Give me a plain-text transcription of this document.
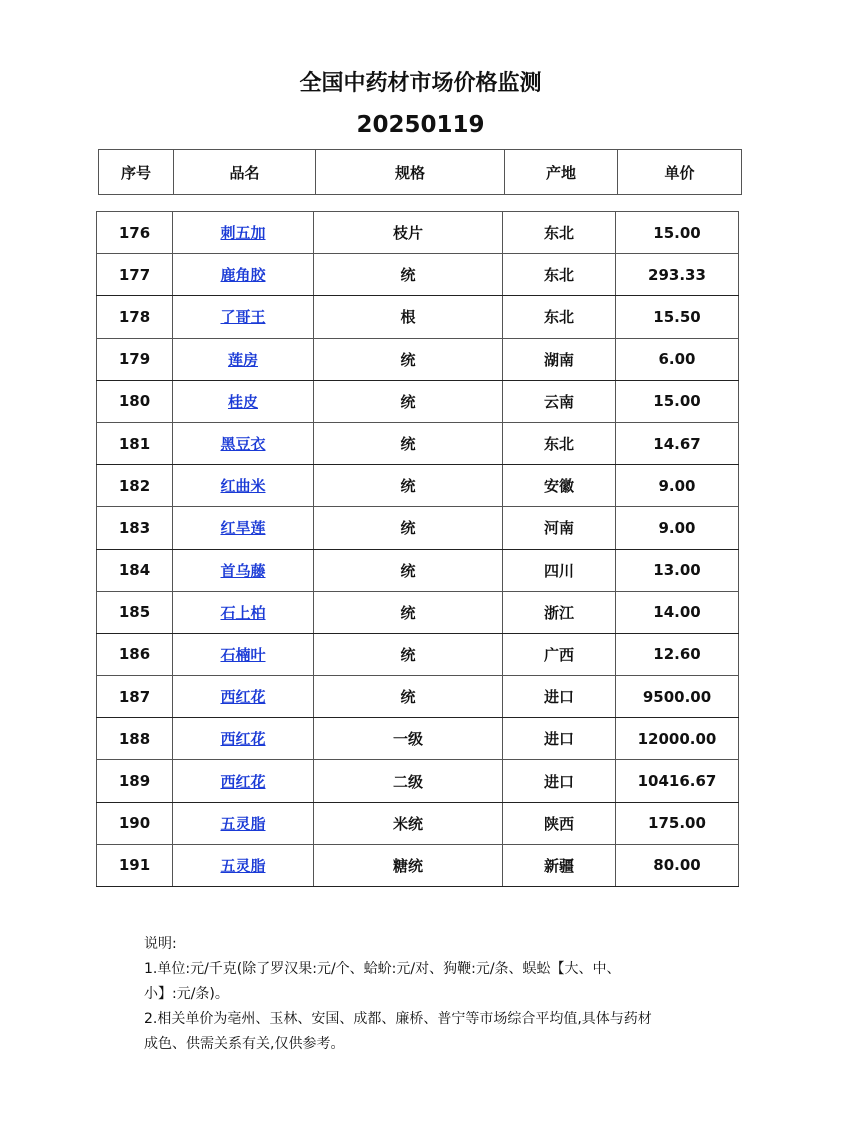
全国中药材市场价格监测
20250119
序号	品名	规格	产地	单价
176	刺五加	枝片	东北	15.00
177	鹿角胶	统	东北	293.33
178	了哥王	根	东北	15.50
179	莲房	统	湖南	6.00
180	桂皮	统	云南	15.00
181	黑豆衣	统	东北	14.67
182	红曲米	统	安徽	9.00
183	红旱莲	统	河南	9.00
184	首乌藤	统	四川	13.00
185	石上柏	统	浙江	14.00
186	石楠叶	统	广西	12.60
187	西红花	统	进口	9500.00
188	西红花	一级	进口	12000.00
189	西红花	二级	进口	10416.67
190	五灵脂	米统	陕西	175.00
191	五灵脂	糖统	新疆	80.00
说明:
1.单位:元/千克(除了罗汉果:元/个、蛤蚧:元/对、狗鞭:元/条、蜈蚣【大、中、
小】:元/条)。
2.相关单价为亳州、玉林、安国、成都、廉桥、普宁等市场综合平均值,具体与药材
成色、供需关系有关,仅供参考。
